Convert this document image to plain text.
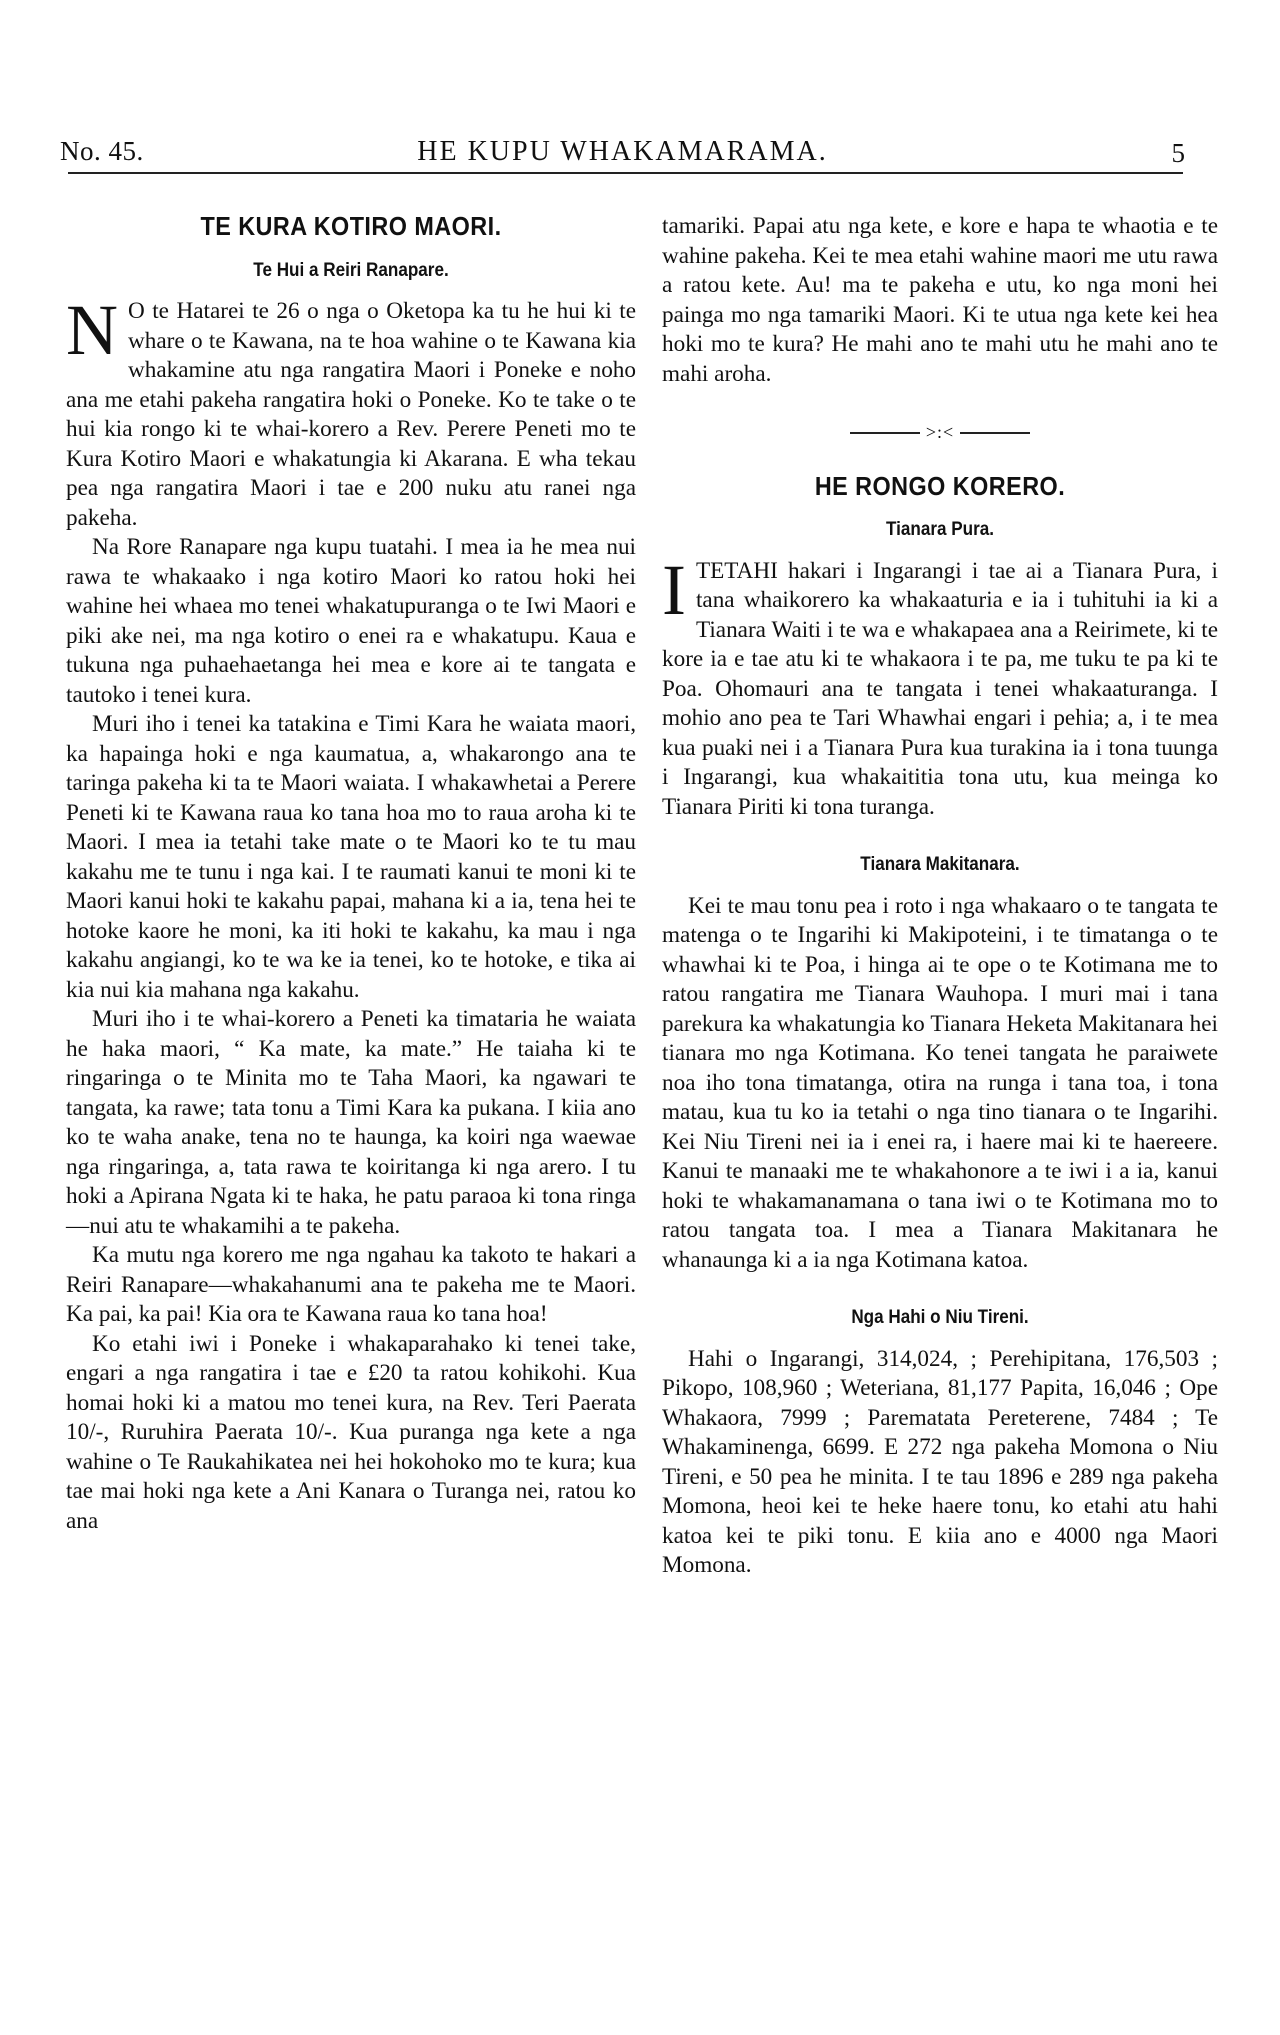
No. 45.	HE KUPU WHAKAMARAMA.	5
TE KURA KOTIRO MAORI.
Te Hui a Reiri Ranapare.

N O te Hatarei te 26 o nga o Oketopa ka tu he hui ki te whare o te Kawana, na te hoa wahine o te Kawana kia whakamine atu nga rangatira Maori i Poneke e noho ana me etahi pakeha rangatira hoki o Poneke. Ko te take o te hui kia rongo ki te whai-korero a Rev. Perere Peneti mo te Kura Kotiro Maori e whakatungia ki Akarana. E wha tekau pea nga rangatira Maori i tae e 200 nuku atu ranei nga pakeha.

Na Rore Ranapare nga kupu tuatahi. I mea ia he mea nui rawa te whakaako i nga kotiro Maori ko ratou hoki hei wahine hei whaea mo tenei whakatupuranga o te Iwi Maori e piki ake nei, ma nga kotiro o enei ra e whakatupu. Kaua e tukuna nga puhaehaetanga hei mea e kore ai te tangata e tautoko i tenei kura.

Muri iho i tenei ka tatakina e Timi Kara he waiata maori, ka hapainga hoki e nga kaumatua, a, whakarongo ana te taringa pakeha ki ta te Maori waiata. I whakawhetai a Perere Peneti ki te Kawana raua ko tana hoa mo to raua aroha ki te Maori. I mea ia tetahi take mate o te Maori ko te tu mau kakahu me te tunu i nga kai. I te raumati kanui te moni ki te Maori kanui hoki te kakahu papai, mahana ki a ia, tena hei te hotoke kaore he moni, ka iti hoki te kakahu, ka mau i nga kakahu angiangi, ko te wa ke ia tenei, ko te hotoke, e tika ai kia nui kia mahana nga kakahu.

Muri iho i te whai-korero a Peneti ka timataria he waiata he haka maori, “ Ka mate, ka mate.” He taiaha ki te ringaringa o te Minita mo te Taha Maori, ka ngawari te tangata, ka rawe; tata tonu a Timi Kara ka pukana. I kiia ano ko te waha anake, tena no te haunga, ka koiri nga waewae nga ringaringa, a, tata rawa te koiritanga ki nga arero. I tu hoki a Apirana Ngata ki te haka, he patu paraoa ki tona ringa—nui atu te whakamihi a te pakeha.

Ka mutu nga korero me nga ngahau ka takoto te hakari a Reiri Ranapare—whakahanumi ana te pakeha me te Maori. Ka pai, ka pai! Kia ora te Kawana raua ko tana hoa!

Ko etahi iwi i Poneke i whakaparahako ki tenei take, engari a nga rangatira i tae e £20 ta ratou kohikohi. Kua homai hoki ki a matou mo tenei kura, na Rev. Teri Paerata 10/-, Ruruhira Paerata 10/-. Kua puranga nga kete a nga wahine o Te Raukahikatea nei hei hokohoko mo te kura; kua tae mai hoki nga kete a Ani Kanara o Turanga nei, ratou ko ana

tamariki. Papai atu nga kete, e kore e hapa te whaotia e te wahine pakeha. Kei te mea etahi wahine maori me utu rawa a ratou kete. Au! ma te pakeha e utu, ko nga moni hei painga mo nga tamariki Maori. Ki te utua nga kete kei hea hoki mo te kura? He mahi ano te mahi utu he mahi ano te mahi aroha.

>:<
HE RONGO KORERO.
Tianara Pura.

ITETAHI hakari i Ingarangi i tae ai a Tianara Pura, i tana whaikorero ka whakaaturia e ia i tuhituhi ia ki a Tianara Waiti i te wa e whakapaea ana a Reirimete, ki te kore ia e tae atu ki te whakaora i te pa, me tuku te pa ki te Poa. Ohomauri ana te tangata i tenei whakaaturanga. I mohio ano pea te Tari Whawhai engari i pehia; a, i te mea kua puaki nei i a Tianara Pura kua turakina ia i tona tuunga i Ingarangi, kua whakaititia tona utu, kua meinga ko Tianara Piriti ki tona turanga.

Tianara Makitanara.

Kei te mau tonu pea i roto i nga whakaaro o te tangata te matenga o te Ingarihi ki Makipoteini, i te timatanga o te whawhai ki te Poa, i hinga ai te ope o te Kotimana me to ratou rangatira me Tianara Wauhopa. I muri mai i tana parekura ka whakatungia ko Tianara Heketa Makitanara hei tianara mo nga Kotimana. Ko tenei tangata he paraiwete noa iho tona timatanga, otira na runga i tana toa, i tona matau, kua tu ko ia tetahi o nga tino tianara o te Ingarihi. Kei Niu Tireni nei ia i enei ra, i haere mai ki te haereere. Kanui te manaaki me te whakahonore a te iwi i a ia, kanui hoki te whakamanamana o tana iwi o te Kotimana mo to ratou tangata toa. I mea a Tianara Makitanara he whanaunga ki a ia nga Kotimana katoa.

Nga Hahi o Niu Tireni.

Hahi o Ingarangi, 314,024, ; Perehipitana, 176,503 ; Pikopo, 108,960 ; Weteriana, 81,177 Papita, 16,046 ; Ope Whakaora, 7999 ; Parematata Pereterene, 7484 ; Te Whakaminenga, 6699. E 272 nga pakeha Momona o Niu Tireni, e 50 pea he minita. I te tau 1896 e 289 nga pakeha Momona, heoi kei te heke haere tonu, ko etahi atu hahi katoa kei te piki tonu. E kiia ano e 4000 nga Maori Momona.
